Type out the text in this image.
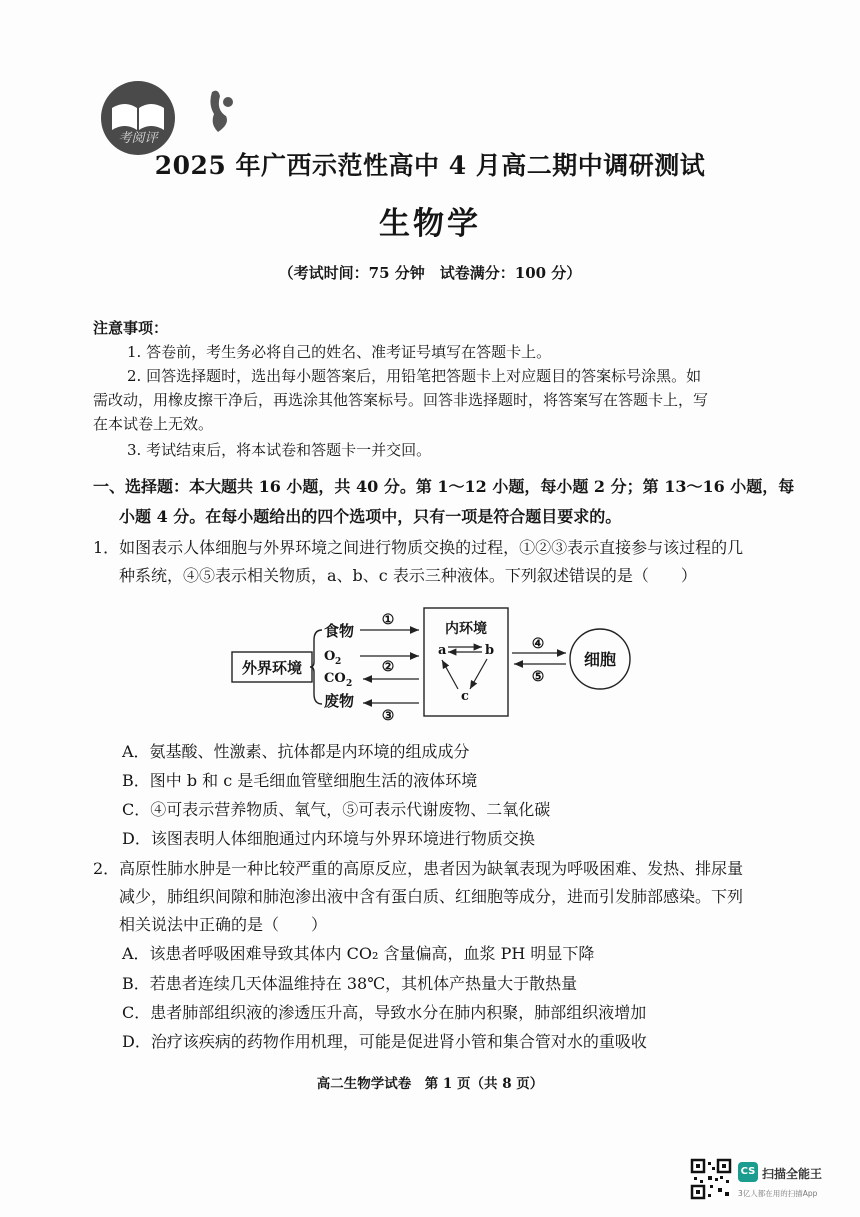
考阅评
2025 年广西示范性高中 4 月高二期中调研测试
生物学
（考试时间：75 分钟　试卷满分：100 分）
注意事项：
1. 答卷前，考生务必将自己的姓名、准考证号填写在答题卡上。
2. 回答选择题时，选出每小题答案后，用铅笔把答题卡上对应题目的答案标号涂黑。如
需改动，用橡皮擦干净后，再选涂其他答案标号。回答非选择题时，将答案写在答题卡上，写
在本试卷上无效。
3. 考试结束后，将本试卷和答题卡一并交回。
一、选择题：本大题共 16 小题，共 40 分。第 1～12 小题，每小题 2 分；第 13～16 小题，每
小题 4 分。在每小题给出的四个选项中，只有一项是符合题目要求的。
1．如图表示人体细胞与外界环境之间进行物质交换的过程，①②③表示直接参与该过程的几
种系统，④⑤表示相关物质，a、b、c 表示三种液体。下列叙述错误的是（　　）
外界环境
食物
O 2
CO 2
废物
①
②
③
内环境
a	b
c
④
⑤
细胞
A．氨基酸、性激素、抗体都是内环境的组成成分
B．图中 b 和 c 是毛细血管壁细胞生活的液体环境
C．④可表示营养物质、氧气，⑤可表示代谢废物、二氧化碳
D．该图表明人体细胞通过内环境与外界环境进行物质交换
2．高原性肺水肿是一种比较严重的高原反应，患者因为缺氧表现为呼吸困难、发热、排尿量
减少，肺组织间隙和肺泡渗出液中含有蛋白质、红细胞等成分，进而引发肺部感染。下列
相关说法中正确的是（　　）
A．该患者呼吸困难导致其体内 CO₂ 含量偏高，血浆 PH 明显下降
B．若患者连续几天体温维持在 38℃，其机体产热量大于散热量
C．患者肺部组织液的渗透压升高，导致水分在肺内积聚，肺部组织液增加
D．治疗该疾病的药物作用机理，可能是促进肾小管和集合管对水的重吸收
高二生物学试卷　第 1 页（共 8 页）
CS 扫描全能王
3亿人都在用的扫描App
